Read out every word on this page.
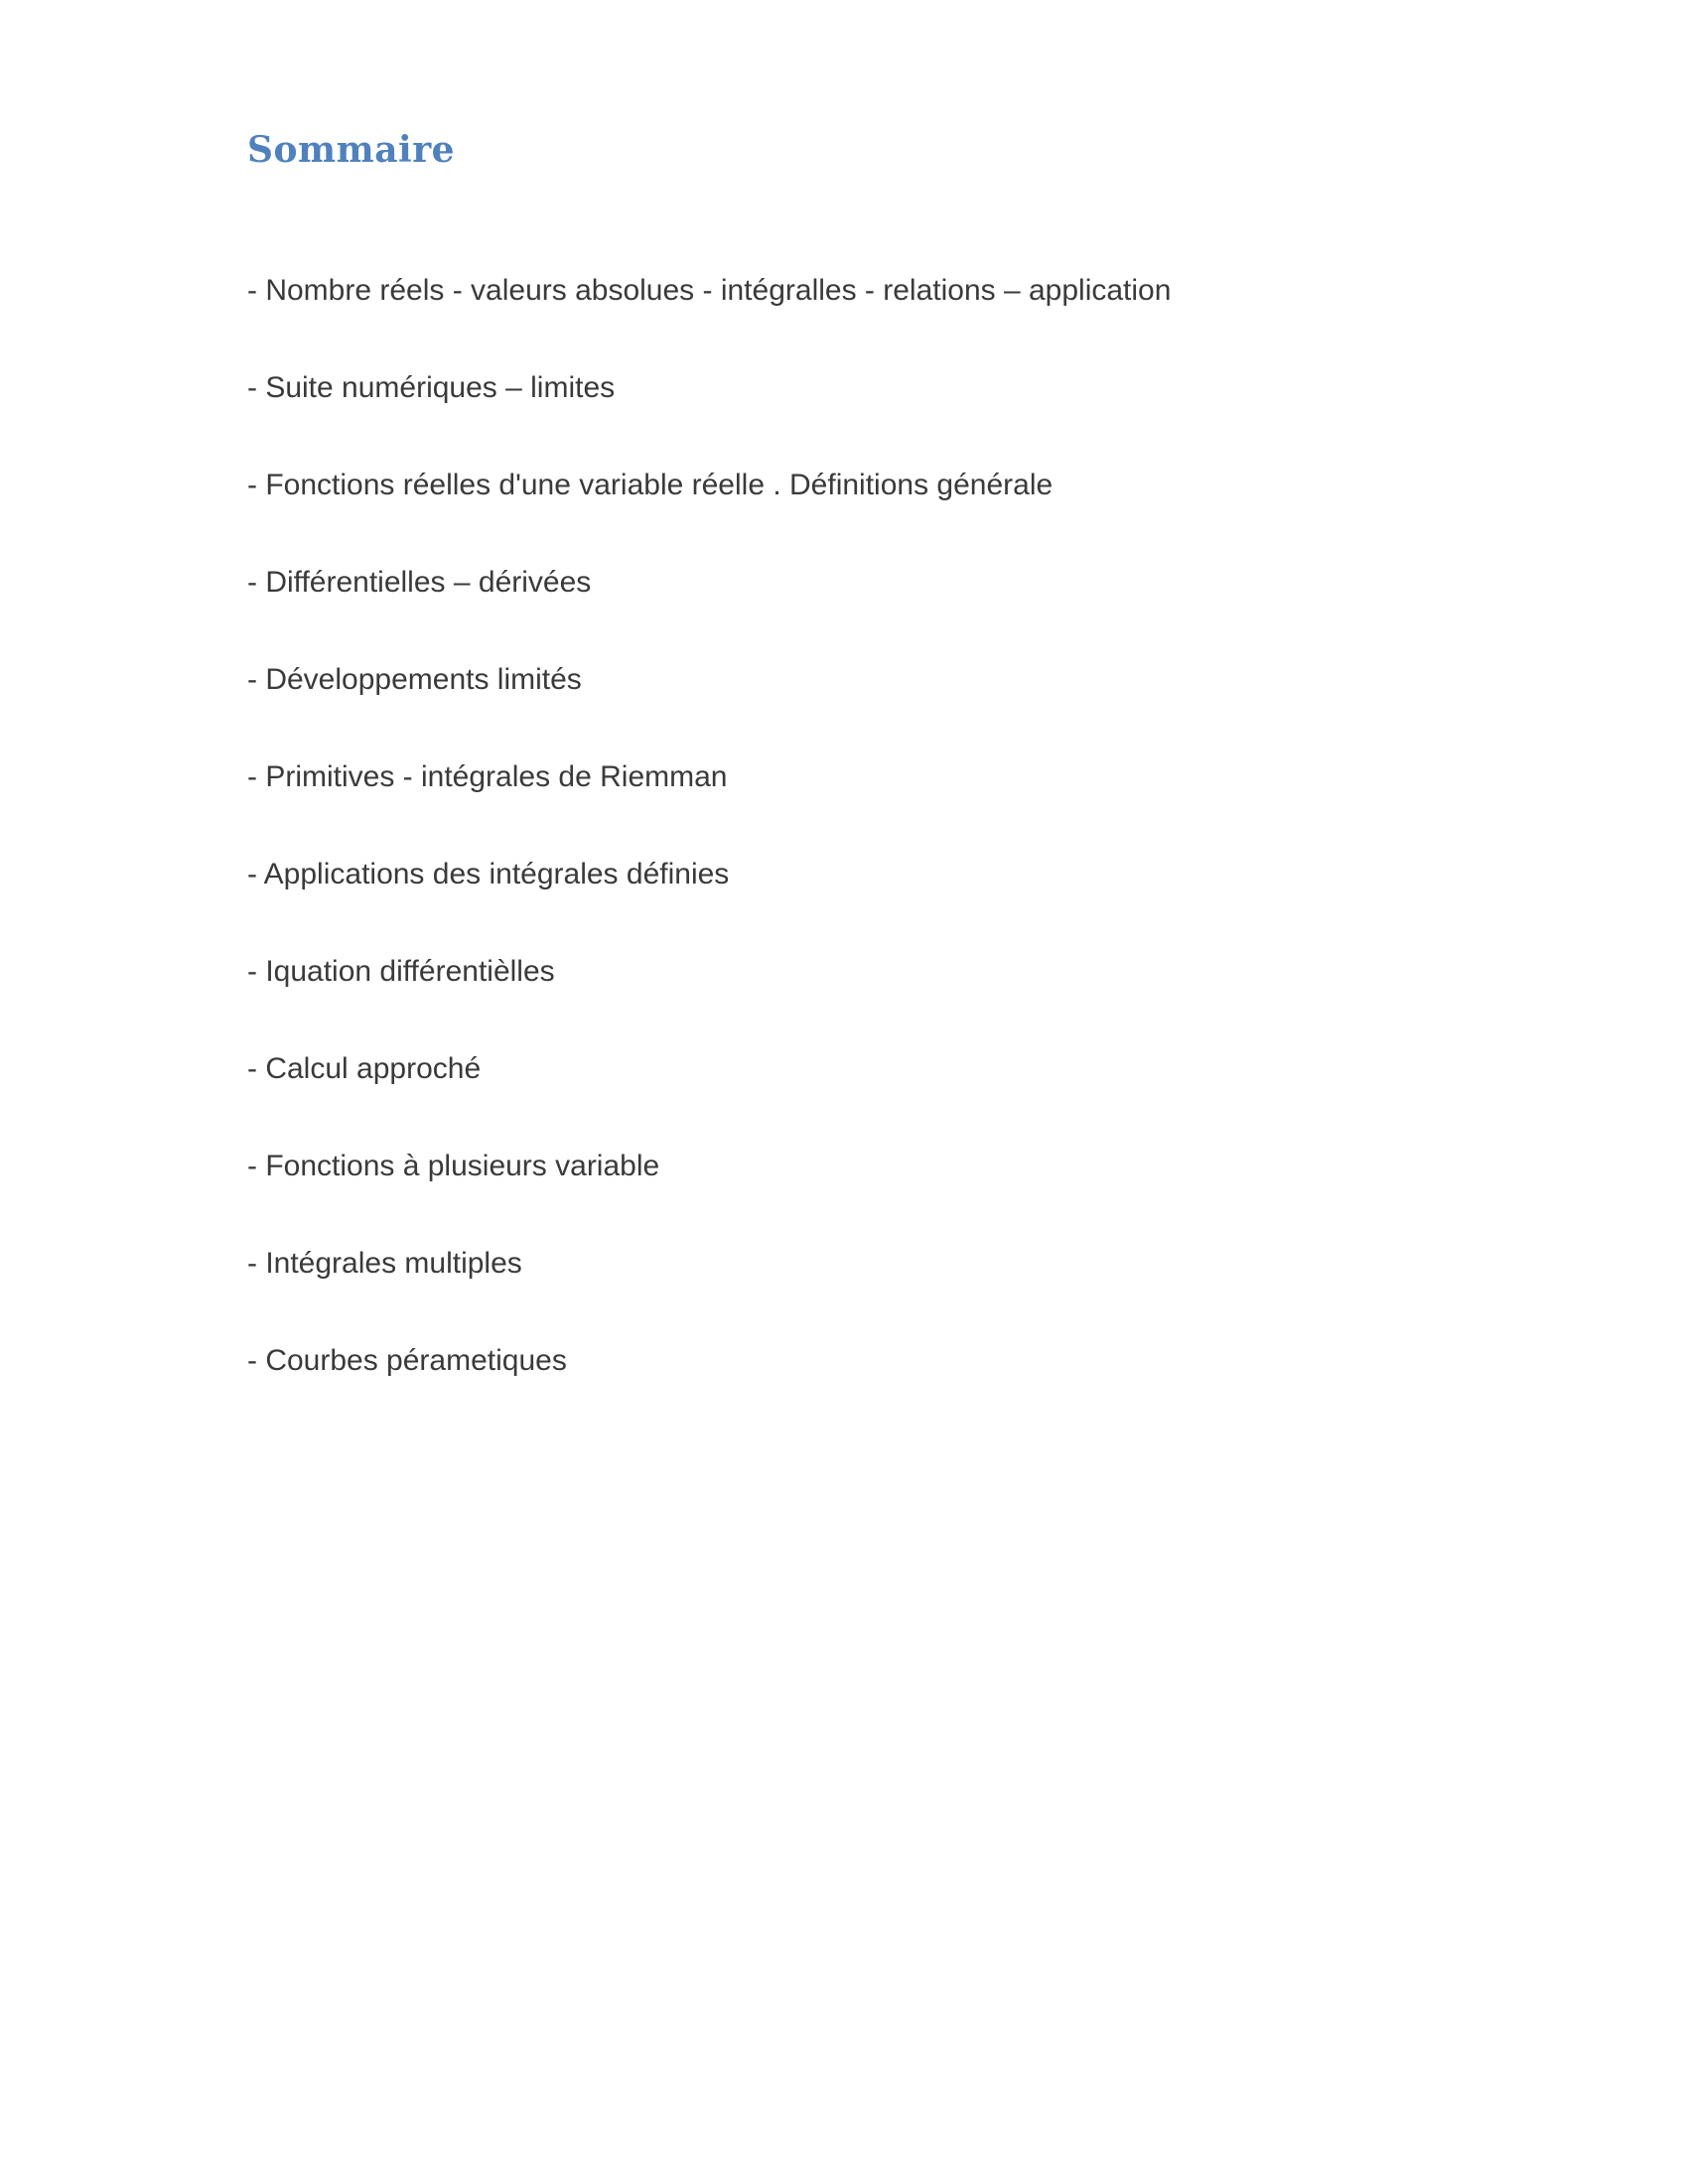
Sommaire
- Nombre réels - valeurs absolues - intégralles - relations – application
- Suite numériques – limites
- Fonctions réelles d'une variable réelle . Définitions générale
- Différentielles – dérivées
- Développements limités
- Primitives - intégrales de Riemman
- Applications des intégrales définies
- Iquation différentièlles
- Calcul approché
- Fonctions à plusieurs variable
- Intégrales multiples
- Courbes pérametiques
